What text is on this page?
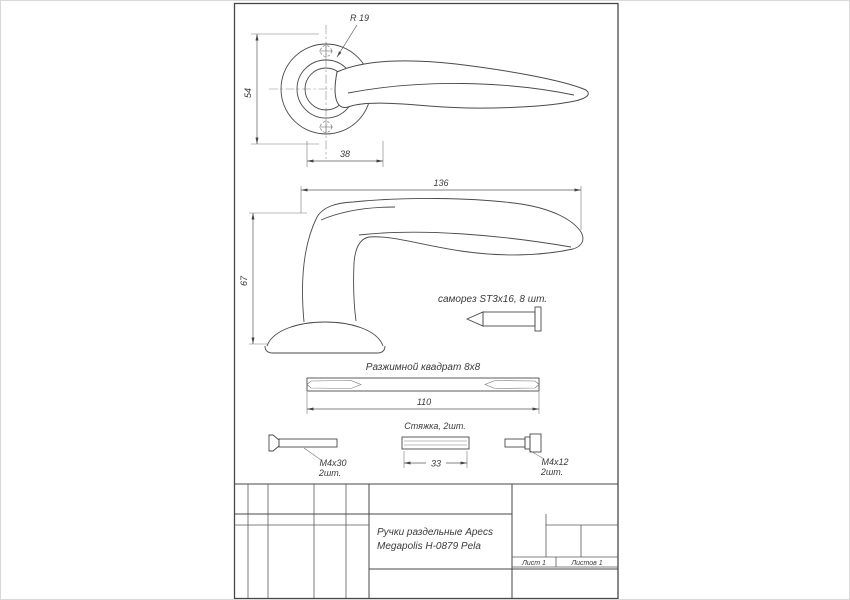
R 19
54
38
136
67
саморез ST3x16, 8 шт.
Разжимной квадрат 8х8
110
М4х30
2шт.
Стяжка, 2шт.
33	М4х12
2шт.
Ручки раздельные Apecs
Megapolis H-0879 Pela
Лист 1	Листов 1
